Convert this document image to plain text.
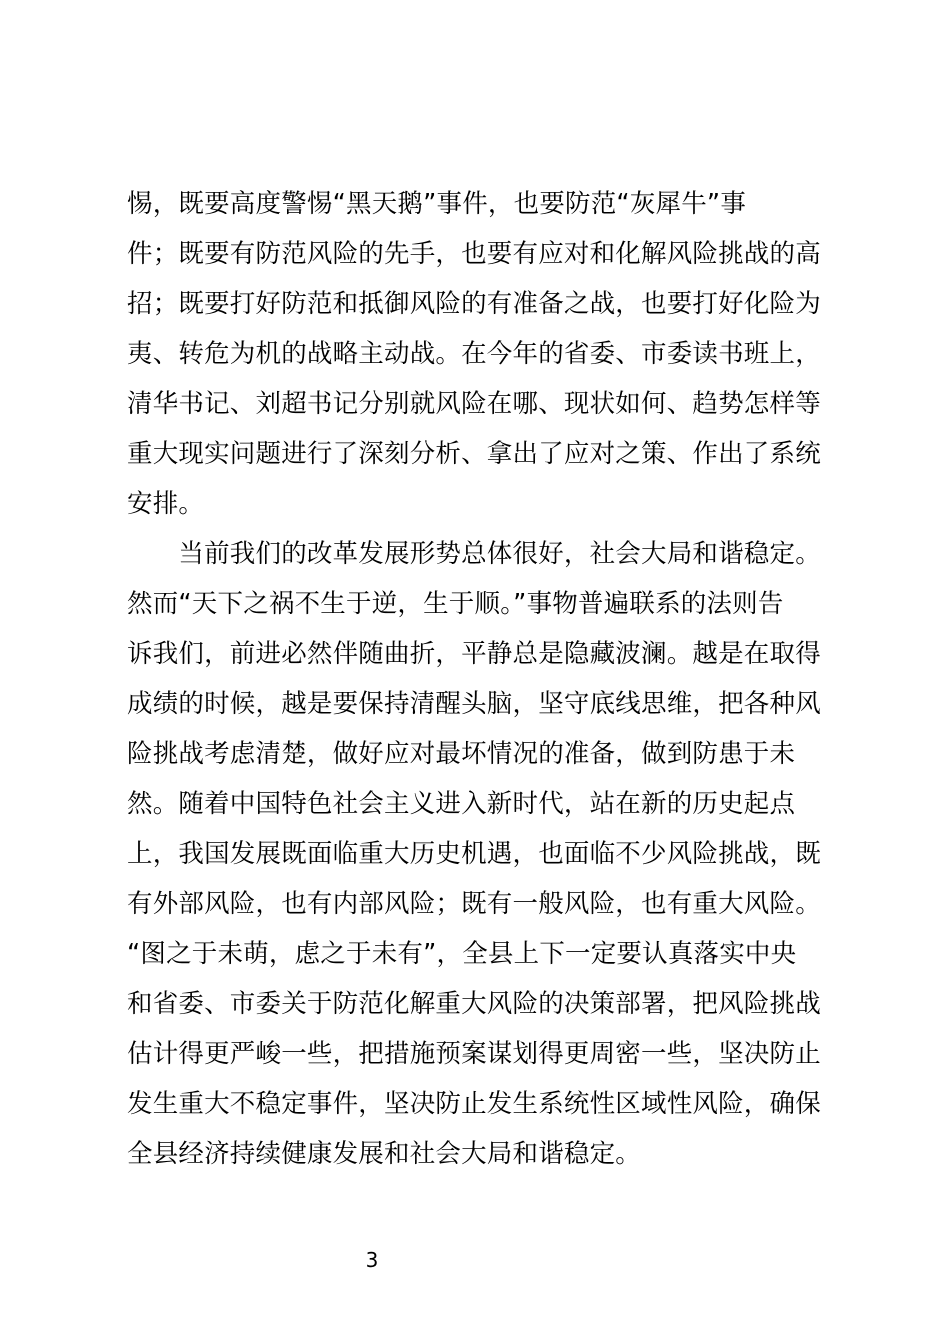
惕，既要高度警惕“黑天鹅”事件，也要防范“灰犀牛”事
件；既要有防范风险的先手，也要有应对和化解风险挑战的高
招；既要打好防范和抵御风险的有准备之战，也要打好化险为
夷、转危为机的战略主动战。在今年的省委、市委读书班上，
清华书记、刘超书记分别就风险在哪、现状如何、趋势怎样等
重大现实问题进行了深刻分析、拿出了应对之策、作出了系统
安排。
　　当前我们的改革发展形势总体很好，社会大局和谐稳定。
然而“天下之祸不生于逆，生于顺。”事物普遍联系的法则告
诉我们，前进必然伴随曲折，平静总是隐藏波澜。越是在取得
成绩的时候，越是要保持清醒头脑，坚守底线思维，把各种风
险挑战考虑清楚，做好应对最坏情况的准备，做到防患于未
然。随着中国特色社会主义进入新时代，站在新的历史起点
上，我国发展既面临重大历史机遇，也面临不少风险挑战，既
有外部风险，也有内部风险；既有一般风险，也有重大风险。
“图之于未萌，虑之于未有”，全县上下一定要认真落实中央
和省委、市委关于防范化解重大风险的决策部署，把风险挑战
估计得更严峻一些，把措施预案谋划得更周密一些，坚决防止
发生重大不稳定事件，坚决防止发生系统性区域性风险，确保
全县经济持续健康发展和社会大局和谐稳定。
3
